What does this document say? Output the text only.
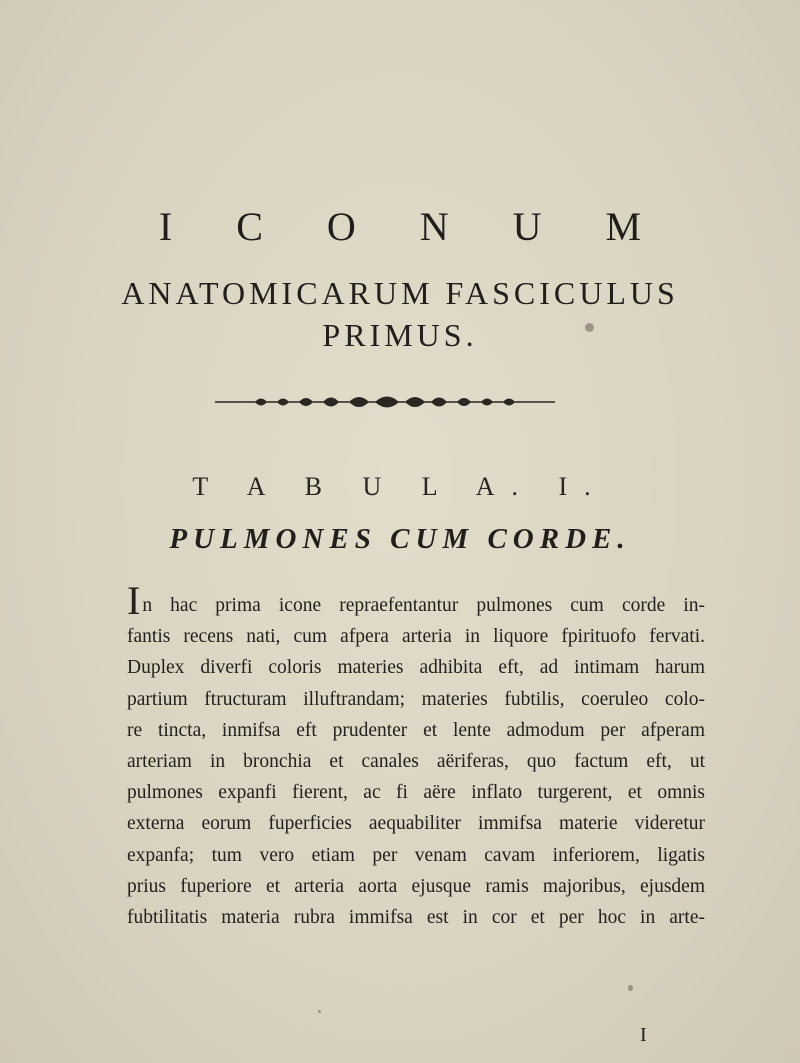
I C O N U M
ANATOMICARUM FASCICULUS
PRIMUS.
T A B U L A. I.
PULMONES CUM CORDE.
In hac prima icone repraefentantur pulmones cum corde in-
fantis recens nati, cum afpera arteria in liquore fpirituofo fervati.
Duplex diverfi coloris materies adhibita eft, ad intimam harum
partium ftructuram illuftrandam; materies fubtilis, coeruleo colo-
re tincta, inmifsa eft prudenter et lente admodum per afperam
arteriam in bronchia et canales aëriferas, quo factum eft, ut
pulmones expanfi fierent, ac fi aëre inflato turgerent, et omnis
externa eorum fuperficies aequabiliter immifsa materie videretur
expanfa; tum vero etiam per venam cavam inferiorem, ligatis
prius fuperiore et arteria aorta ejusque ramis majoribus, ejusdem
fubtilitatis materia rubra immifsa est in cor et per hoc in arte-
I
